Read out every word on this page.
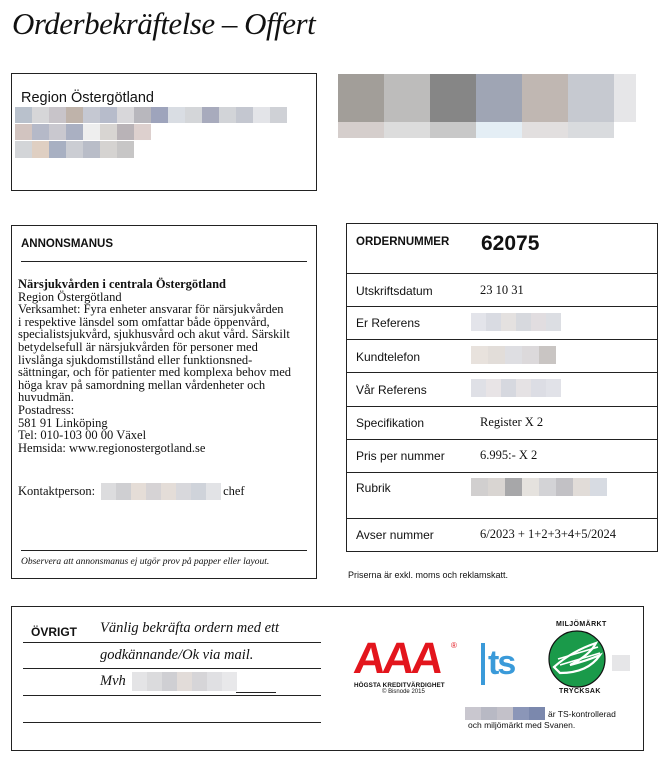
Orderbekräftelse – Offert
Region Östergötland
ANNONSMANUS
Närsjukvården i centrala Östergötland
Region Östergötland
Verksamhet: Fyra enheter ansvarar för närsjukvården
i respektive länsdel som omfattar både öppenvård,
specialistsjukvård, sjukhusvård och akut vård. Särskilt
betydelsefull är närsjukvården för personer med
livslånga sjukdomstillstånd eller funktionsned-
sättningar, och för patienter med komplexa behov med
höga krav på samordning mellan vårdenheter och
huvudmän.
Postadress:
581 91 Linköping
Tel: 010-103 00 00 Växel
Hemsida: www.regionostergotland.se
Kontaktperson:	chef
Observera att annonsmanus ej utgör prov på papper eller layout.
ORDERNUMMER 62075
Utskriftsdatum	23 10 31
Er Referens
Kundtelefon
Vår Referens
Specifikation	Register X 2
Pris per nummer	6.995:- X 2
Rubrik
Avser nummer	6/2023 + 1+2+3+4+5/2024
Priserna är exkl. moms och reklamskatt.
ÖVRIGT Vänlig bekräfta ordern med ett
godkännande/Ok via mail.
Mvh	AAA	®
HÖGSTA KREDITVÄRDIGHET
© Bisnode 2015
ts
MILJÖMÄRKT
TRYCKSAK
är TS-kontrollerad
och miljömärkt med Svanen.
